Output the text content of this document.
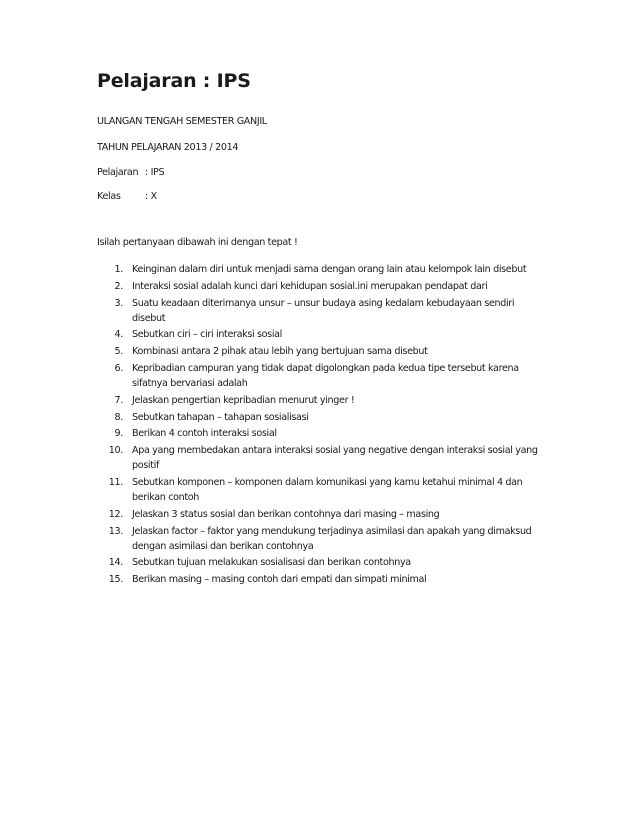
Pelajaran : IPS
ULANGAN TENGAH SEMESTER GANJIL
TAHUN PELAJARAN 2013 / 2014
Pelajaran : IPS
Kelas	: X
Isilah pertanyaan dibawah ini dengan tepat !
1. Keinginan dalam diri untuk menjadi sama dengan orang lain atau kelompok lain disebut
2. Interaksi sosial adalah kunci dari kehidupan sosial.ini merupakan pendapat dari
3. Suatu keadaan diterimanya unsur – unsur budaya asing kedalam kebudayaan sendiri disebut
4. Sebutkan ciri – ciri interaksi sosial
5. Kombinasi antara 2 pihak atau lebih yang bertujuan sama disebut
6. Kepribadian campuran yang tidak dapat digolongkan pada kedua tipe tersebut karena sifatnya bervariasi adalah
7. Jelaskan pengertian kepribadian menurut yinger !
8. Sebutkan tahapan – tahapan sosialisasi
9. Berikan 4 contoh interaksi sosial
10. Apa yang membedakan antara interaksi sosial yang negative dengan interaksi sosial yang positif
11. Sebutkan komponen – komponen dalam komunikasi yang kamu ketahui minimal 4 dan berikan contoh
12. Jelaskan 3 status sosial dan berikan contohnya dari masing – masing
13. Jelaskan factor – faktor yang mendukung terjadinya asimilasi dan apakah yang dimaksud dengan asimilasi dan berikan contohnya
14. Sebutkan tujuan melakukan sosialisasi dan berikan contohnya
15. Berikan masing – masing contoh dari empati dan simpati minimal
